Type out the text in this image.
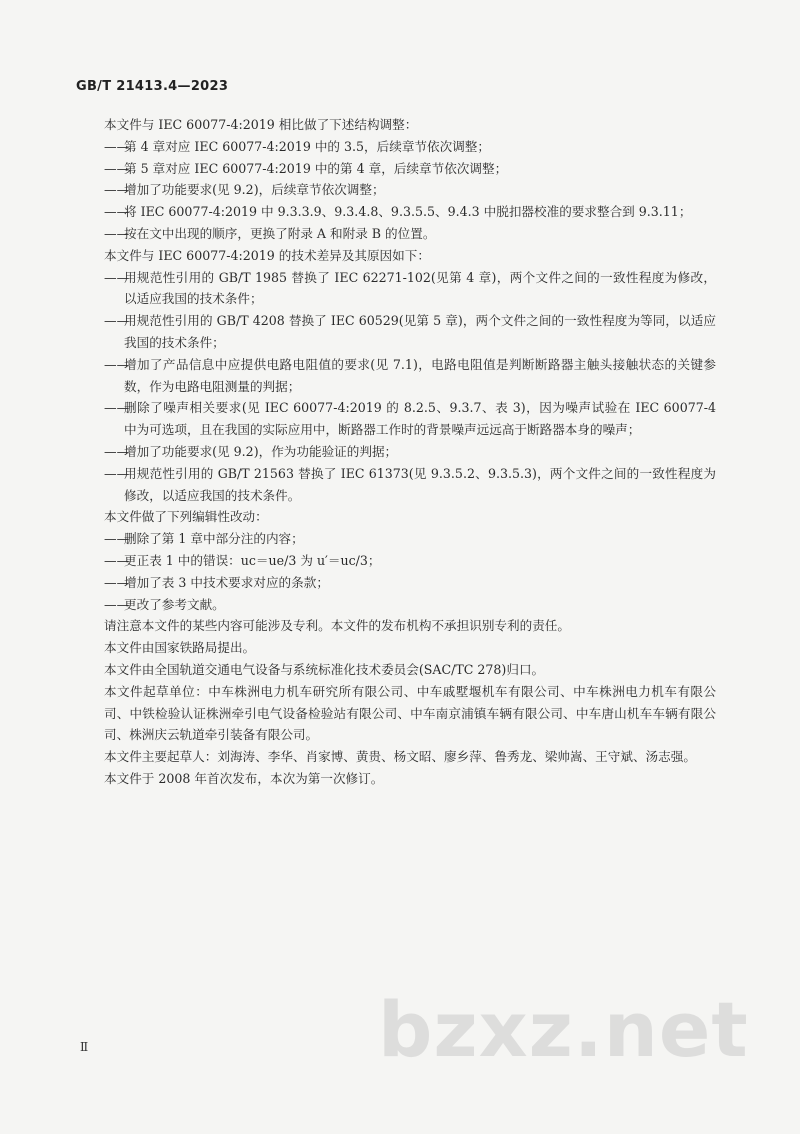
GB/T 21413.4—2023

本文件与 IEC 60077-4:2019 相比做了下述结构调整：

——
第 4 章对应 IEC 60077-4:2019 中的 3.5，后续章节依次调整；
——
第 5 章对应 IEC 60077-4:2019 中的第 4 章，后续章节依次调整；
——
增加了功能要求(见 9.2)，后续章节依次调整；
——
将 IEC 60077-4:2019 中 9.3.3.9、9.3.4.8、9.3.5.5、9.4.3 中脱扣器校准的要求整合到 9.3.11；
——
按在文中出现的顺序，更换了附录 A 和附录 B 的位置。

本文件与 IEC 60077-4:2019 的技术差异及其原因如下：

——
用规范性引用的 GB/T 1985 替换了 IEC 62271-102(见第 4 章)，两个文件之间的一致性程度为修改，以适应我国的技术条件；
——
用规范性引用的 GB/T 4208 替换了 IEC 60529(见第 5 章)，两个文件之间的一致性程度为等同，以适应我国的技术条件；
——
增加了产品信息中应提供电路电阻值的要求(见 7.1)，电路电阻值是判断断路器主触头接触状态的关键参数，作为电路电阻测量的判据；
——
删除了噪声相关要求(见 IEC 60077-4:2019 的 8.2.5、9.3.7、表 3)，因为噪声试验在 IEC 60077-4 中为可选项，且在我国的实际应用中，断路器工作时的背景噪声远远高于断路器本身的噪声；
——
增加了功能要求(见 9.2)，作为功能验证的判据；
——
用规范性引用的 GB/T 21563 替换了 IEC 61373(见 9.3.5.2、9.3.5.3)，两个文件之间的一致性程度为修改，以适应我国的技术条件。

本文件做了下列编辑性改动：

——
删除了第 1 章中部分注的内容；
——
更正表 1 中的错误：uc＝ue/3 为 u′＝uc/3；
——
增加了表 3 中技术要求对应的条款；
——
更改了参考文献。

请注意本文件的某些内容可能涉及专利。本文件的发布机构不承担识别专利的责任。

本文件由国家铁路局提出。

本文件由全国轨道交通电气设备与系统标准化技术委员会(SAC/TC 278)归口。

本文件起草单位：中车株洲电力机车研究所有限公司、中车戚墅堰机车有限公司、中车株洲电力机车有限公司、中铁检验认证株洲牵引电气设备检验站有限公司、中车南京浦镇车辆有限公司、中车唐山机车车辆有限公司、株洲庆云轨道牵引装备有限公司。

本文件主要起草人：刘海涛、李华、肖家博、黄贵、杨文昭、廖乡萍、鲁秀龙、梁帅嵩、王守斌、汤志强。

本文件于 2008 年首次发布，本次为第一次修订。

Ⅱ	bzxz.net
